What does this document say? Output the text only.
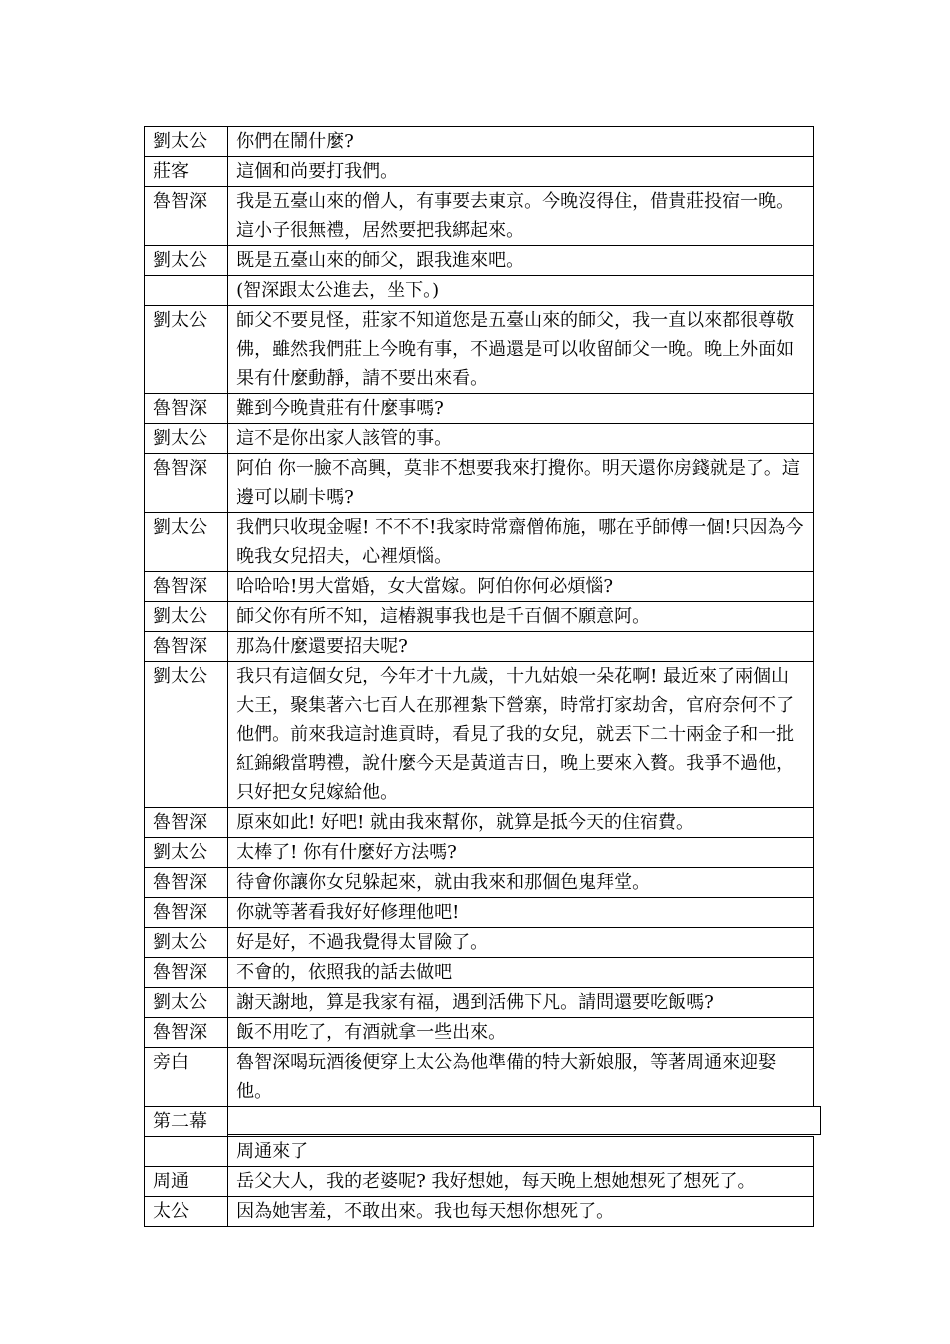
劉太公	你們在鬧什麼?
莊客	這個和尚要打我們。
魯智深	我是五臺山來的僧人，有事要去東京。今晚沒得住，借貴莊投宿一晚。這小子很無禮，居然要把我綁起來。
劉太公	既是五臺山來的師父，跟我進來吧。
	(智深跟太公進去，坐下。)
劉太公	師父不要見怪，莊家不知道您是五臺山來的師父，我一直以來都很尊敬佛，雖然我們莊上今晚有事，不過還是可以收留師父一晚。晚上外面如果有什麼動靜，請不要出來看。
魯智深	難到今晚貴莊有什麼事嗎?
劉太公	這不是你出家人該管的事。
魯智深	阿伯 你一臉不高興，莫非不想要我來打攪你。明天還你房錢就是了。這邊可以刷卡嗎?
劉太公	我們只收現金喔! 不不不!我家時常齋僧佈施，哪在乎師傅一個!只因為今晚我女兒招夫，心裡煩惱。
魯智深	哈哈哈!男大當婚，女大當嫁。阿伯你何必煩惱?
劉太公	師父你有所不知，這樁親事我也是千百個不願意阿。
魯智深	那為什麼還要招夫呢?
劉太公	我只有這個女兒，今年才十九歲，十九姑娘一朵花啊! 最近來了兩個山大王，聚集著六七百人在那裡紮下營寨，時常打家劫舍，官府奈何不了他們。前來我這討進貢時，看見了我的女兒，就丟下二十兩金子和一批紅錦緞當聘禮，說什麼今天是黃道吉日，晚上要來入贅。我爭不過他，只好把女兒嫁給他。
魯智深	原來如此! 好吧! 就由我來幫你，就算是抵今天的住宿費。
劉太公	太棒了! 你有什麼好方法嗎?
魯智深	待會你讓你女兒躲起來，就由我來和那個色鬼拜堂。
魯智深	你就等著看我好好修理他吧!
劉太公	好是好，不過我覺得太冒險了。
魯智深	不會的，依照我的話去做吧
劉太公	謝天謝地，算是我家有福，遇到活佛下凡。請問還要吃飯嗎?
魯智深	飯不用吃了，有酒就拿一些出來。
旁白	魯智深喝玩酒後便穿上太公為他準備的特大新娘服，等著周通來迎娶他。
第二幕	

	周通來了
周通	岳父大人，我的老婆呢? 我好想她，每天晚上想她想死了想死了。
太公	因為她害羞，不敢出來。我也每天想你想死了。
